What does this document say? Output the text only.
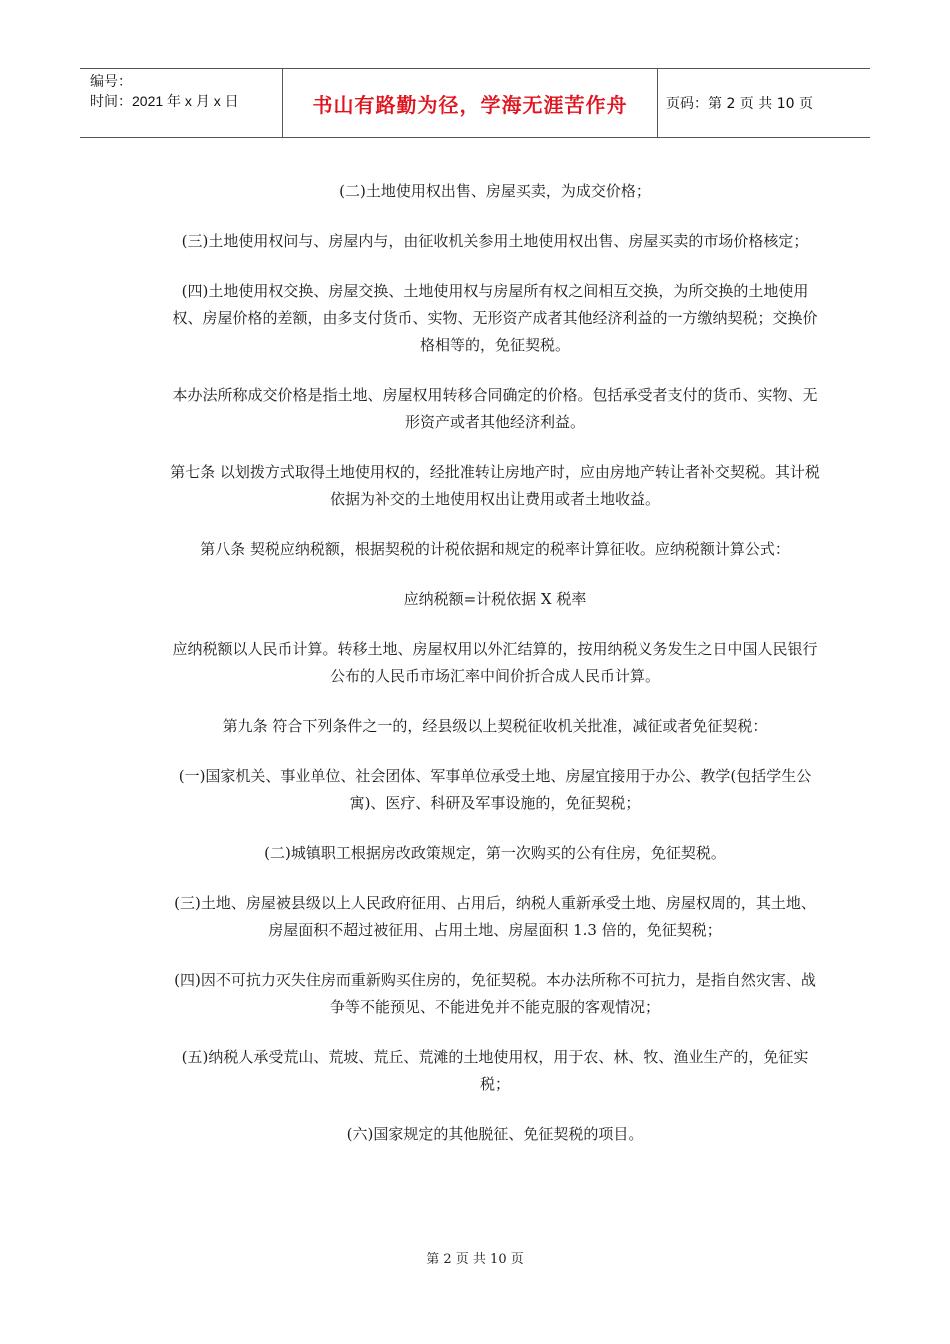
编号：
时间：2021 年 x 月 x 日	书山有路勤为径，学海无涯苦作舟	页码：第 2 页 共 10 页

(二)土地使用权出售、房屋买卖，为成交价格；

(三)土地使用权问与、房屋内与，由征收机关参用土地使用权出售、房屋买卖的市场价格核定；

(四)土地使用权交换、房屋交换、土地使用权与房屋所有权之间相互交换，为所交换的土地使用权、房屋价格的差额，由多支付货币、实物、无形资产成者其他经济利益的一方缴纳契税；交换价格相等的，免征契税。

本办法所称成交价格是指土地、房屋权用转移合同确定的价格。包括承受者支付的货币、实物、无形资产或者其他经济利益。

第七条 以划拨方式取得土地使用权的，经批准转让房地产时，应由房地产转让者补交契税。其计税依据为补交的土地使用权出让费用或者土地收益。

第八条 契税应纳税额，根据契税的计税依据和规定的税率计算征收。应纳税额计算公式：

应纳税额=计税依据 X 税率

应纳税额以人民币计算。转移土地、房屋权用以外汇结算的，按用纳税义务发生之日中国人民银行公布的人民币市场汇率中间价折合成人民币计算。

第九条 符合下列条件之一的，经县级以上契税征收机关批准，减征或者免征契税：

(一)国家机关、事业单位、社会团体、军事单位承受土地、房屋宜接用于办公、教学(包括学生公寓)、医疗、科研及军事设施的，免征契税；

(二)城镇职工根据房改政策规定，第一次购买的公有住房，免征契税。

(三)土地、房屋被县级以上人民政府征用、占用后，纳税人重新承受土地、房屋权周的，其土地、房屋面积不超过被征用、占用土地、房屋面积 1.3 倍的，免征契税；

(四)因不可抗力灭失住房而重新购买住房的，免征契税。本办法所称不可抗力，是指自然灾害、战争等不能预见、不能进免并不能克服的客观情况；

(五)纳税人承受荒山、荒坡、荒丘、荒滩的土地使用权，用于农、林、牧、渔业生产的，免征实税；

(六)国家规定的其他脱征、免征契税的项目。

第 2 页 共 10 页
